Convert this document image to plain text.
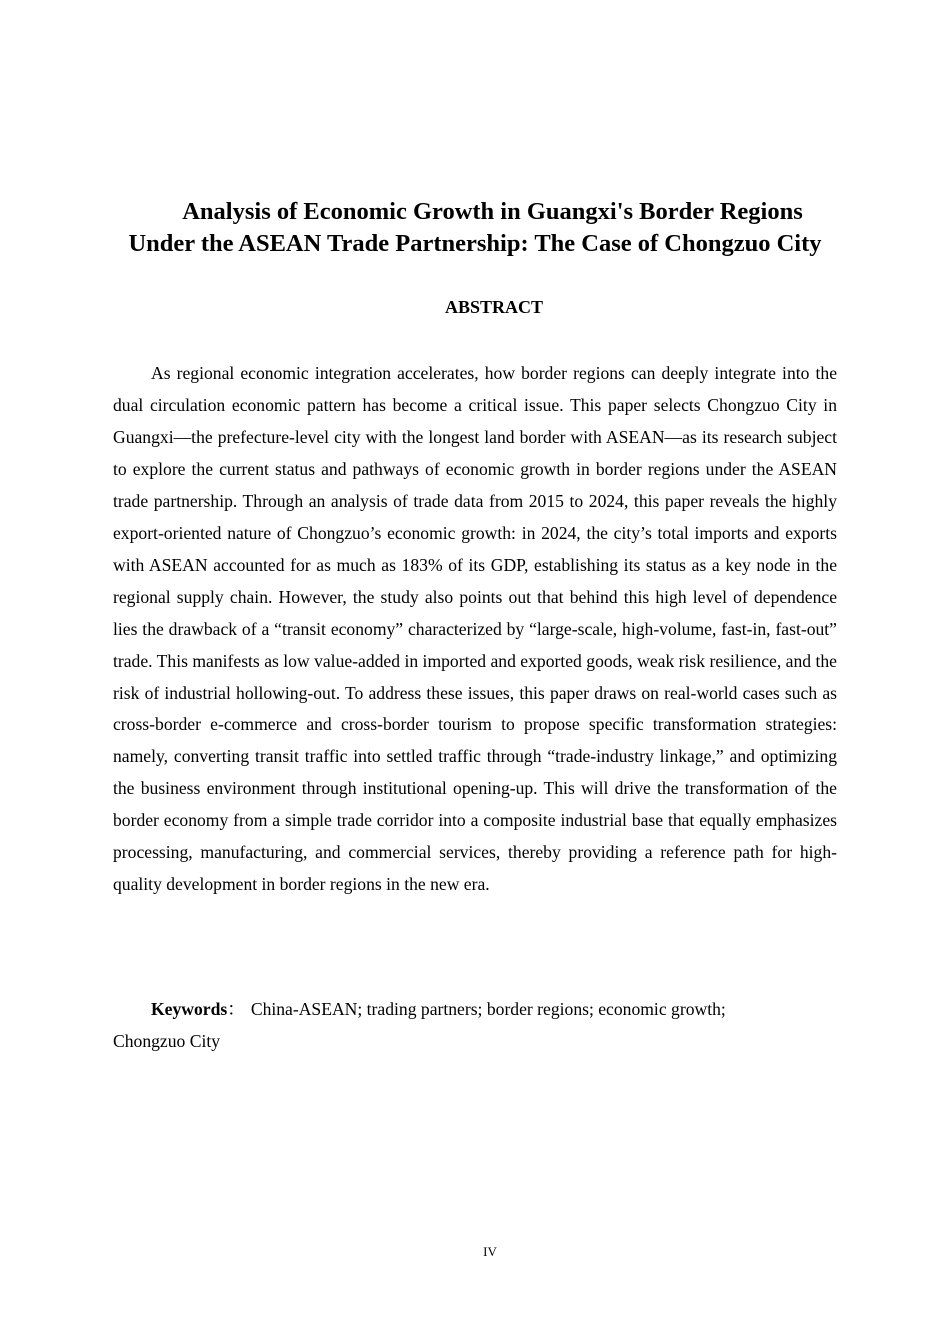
Analysis of Economic Growth in Guangxi's Border Regions
Under the ASEAN Trade Partnership: The Case of Chongzuo City
ABSTRACT

As regional economic integration accelerates, how border regions can deeply integrate into the dual circulation economic pattern has become a critical issue. This paper selects Chongzuo City in Guangxi—the prefecture-level city with the longest land border with ASEAN—as its research subject to explore the current status and pathways of economic growth in border regions under the ASEAN trade partnership. Through an analysis of trade data from 2015 to 2024, this paper reveals the highly export-oriented nature of Chongzuo’s economic growth: in 2024, the city’s total imports and exports with ASEAN accounted for as much as 183% of its GDP, establishing its status as a key node in the regional supply chain. However, the study also points out that behind this high level of dependence lies the drawback of a “transit economy” characterized by “large-scale, high-volume, fast-in, fast-out” trade. This manifests as low value-added in imported and exported goods, weak risk resilience, and the risk of industrial hollowing-out. To address these issues, this paper draws on real-world cases such as cross-border e-commerce and cross-border tourism to propose specific transformation strategies: namely, converting transit traffic into settled traffic through “trade-industry linkage,” and optimizing the business environment through institutional opening-up. This will drive the transformation of the border economy from a simple trade corridor into a composite industrial base that equally emphasizes processing, manufacturing, and commercial services, thereby providing a reference path for high-quality development in border regions in the new era.

Keywords： China-ASEAN; trading partners; border regions; economic growth;
Chongzuo City

IV
